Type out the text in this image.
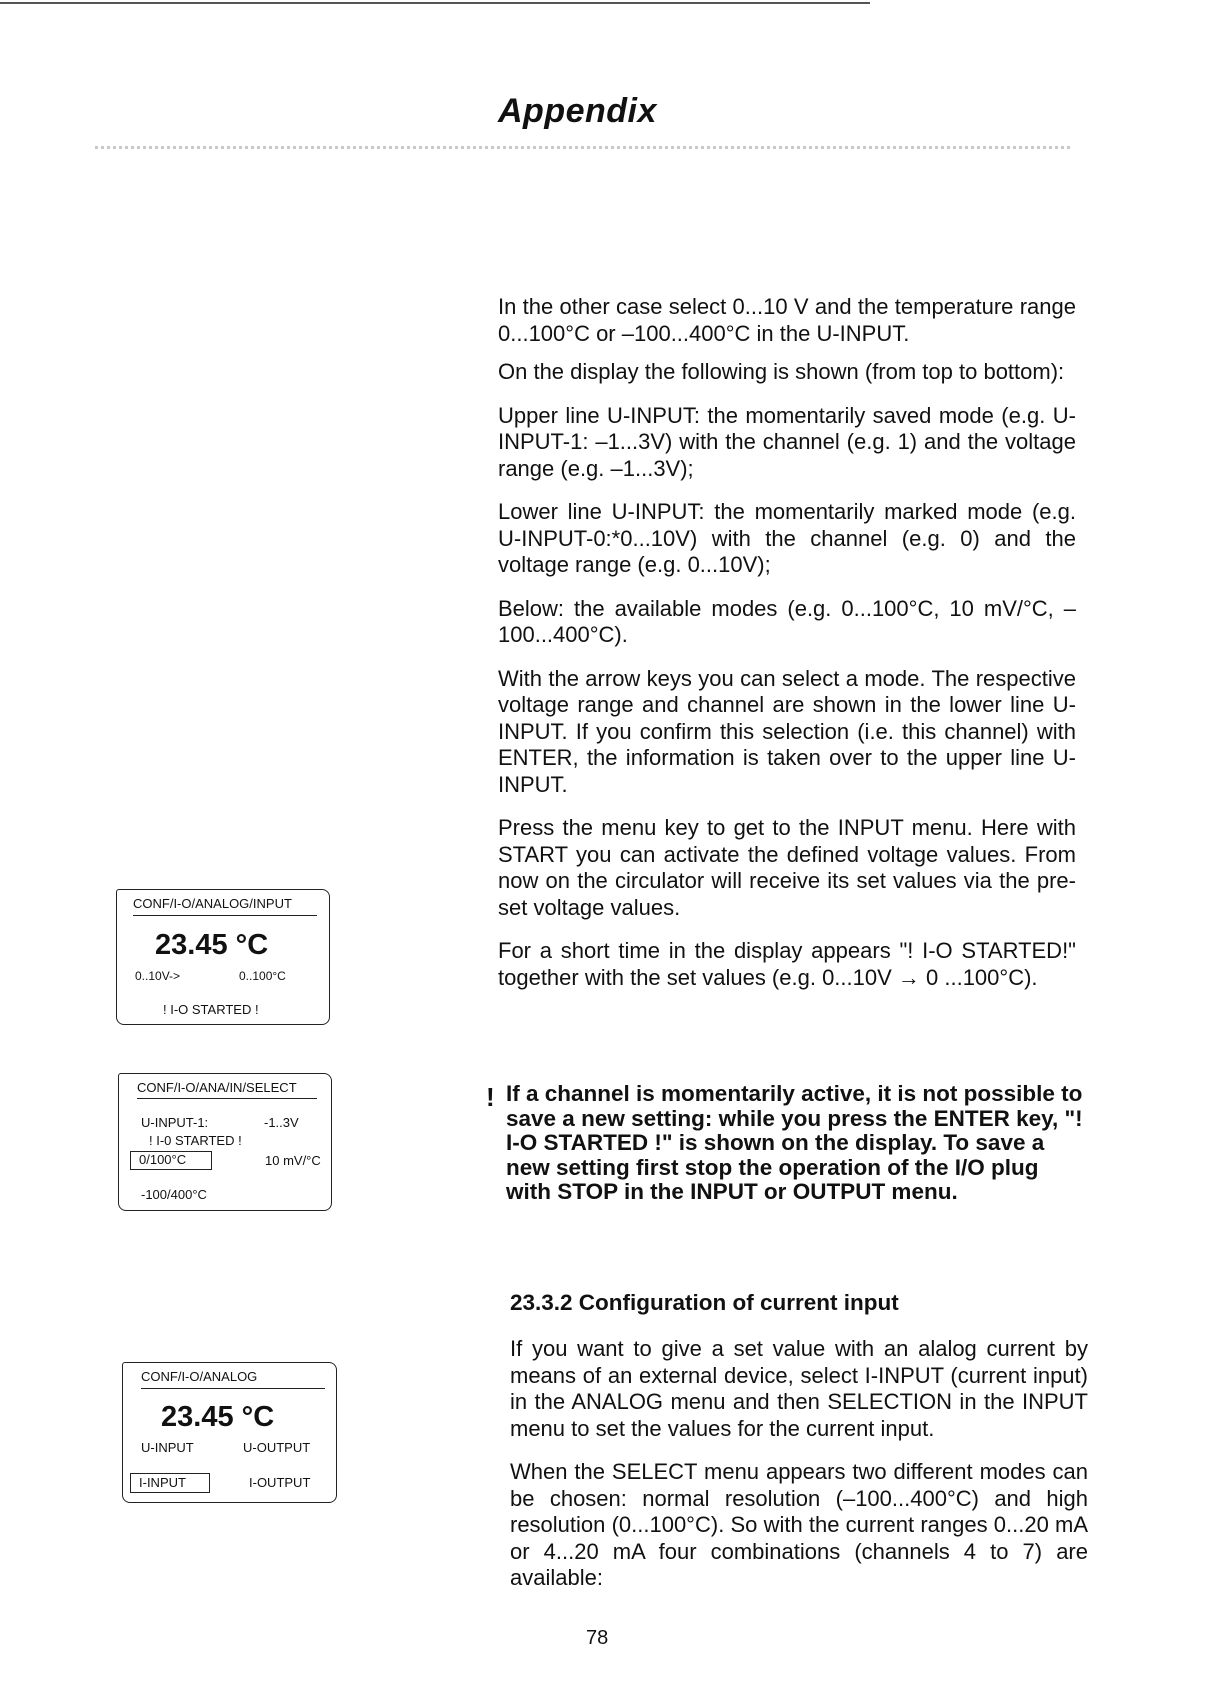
Appendix

In the other case select 0...10 V and the temperature range 0...100°C or –100...400°C in the U-INPUT.

On the display the following is shown (from top to bottom):

Upper line U-INPUT: the momentarily saved mode (e.g. U-INPUT-1: –1...3V) with the channel (e.g. 1) and the voltage range (e.g. –1...3V);

Lower line U-INPUT: the momentarily marked mode (e.g. U-INPUT-0:*0...10V) with the channel (e.g. 0) and the voltage range (e.g. 0...10V);

Below: the available modes (e.g. 0...100°C, 10 mV/°C, –100...400°C).

With the arrow keys you can select a mode. The respective voltage range and channel are shown in the lower line U-INPUT. If you confirm this selection (i.e. this channel) with ENTER, the information is taken over to the upper line U-INPUT.

Press the menu key to get to the INPUT menu. Here with START you can activate the defined voltage values. From now on the circulator will receive its set values via the pre-set voltage values.

For a short time in the display appears "! I-O STARTED!" together with the set values (e.g. 0...10V → 0 ...100°C).

! If a channel is momentarily active, it is not possible to save a new setting: while you press the ENTER key, "! I-O STARTED !" is shown on the display. To save a new setting first stop the operation of the I/O plug with STOP in the INPUT or OUTPUT menu.

23.3.2 Configuration of current input

If you want to give a set value with an alalog current by means of an external device, select I-INPUT (current input) in the ANALOG menu and then SELECTION in the INPUT menu to set the values for the current input.

When the SELECT menu appears two different modes can be chosen: normal resolution (–100...400°C) and high resolution (0...100°C). So with the current ranges 0...20 mA or 4...20 mA four combinations (channels 4 to 7) are available:

CONF/I-O/ANALOG/INPUT
23.45 °C
0..10V->	0..100°C
! I-O STARTED !
CONF/I-O/ANA/IN/SELECT
U-INPUT-1:	-1..3V
! I-0 STARTED !
0/100°C	10 mV/°C
-100/400°C
CONF/I-O/ANALOG
23.45 °C
U-INPUT	U-OUTPUT
I-INPUT	I-OUTPUT
78
